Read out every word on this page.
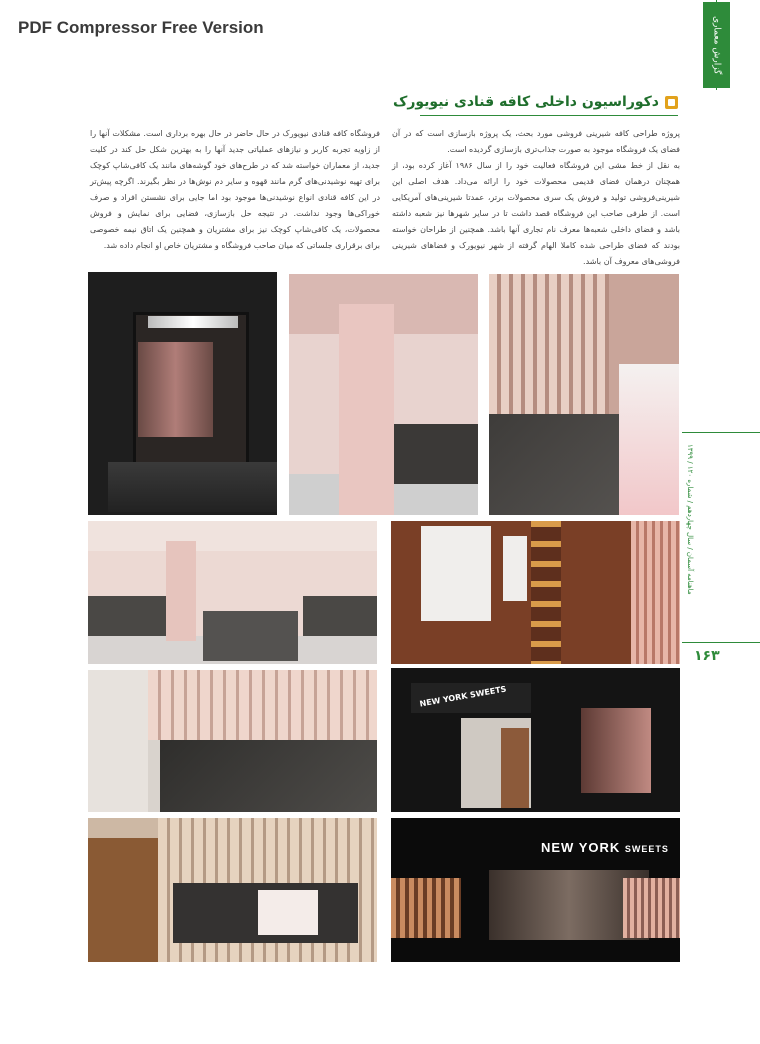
PDF Compressor Free Version	گزارش معماری
دکوراسیون داخلی کافه قنادی نیویورک

پروژه طراحی کافه شیرینی فروشی مورد بحث، یک پروژه بازسازی است که در آن فضای یک فروشگاه موجود به صورت جذاب‌تری بازسازی گردیده است.

به نقل از خط مشی این فروشگاه فعالیت خود را از سال ۱۹۸۶ آغاز کرده بود، از همچنان درهمان فضای قدیمی محصولات خود را ارائه می‌داد. هدف اصلی این شیرینی‌فروشی تولید و فروش یک سری محصولات برتر، عمدتا شیرینی‌های آمریکایی است. از طرفی صاحب این فروشگاه قصد داشت تا در سایر شهرها نیز شعبه داشته باشد و فضای داخلی شعبه‌ها معرف نام تجاری آنها باشد. همچنین از طراحان خواسته بودند که فضای طراحی شده کاملا الهام گرفته از شهر نیویورک و فضاهای شیرینی فروشی‌های معروف آن باشد.

فروشگاه کافه قنادی نیویورک در حال حاضر در حال بهره برداری است. مشکلات آنها را از زاویه تجربه کاربر و نیازهای عملیاتی جدید آنها را به بهترین شکل حل کند در کلیت جدید، از معماران خواسته شد که در طرح‌های خود گوشه‌های مانند یک کافی‌شاپ کوچک برای تهیه نوشیدنی‌های گرم مانند قهوه و سایر دم نوش‌ها در نظر بگیرند. اگرچه پیش‌تر در این کافه قنادی انواع نوشیدنی‌ها موجود بود اما جایی برای نشستن افراد و صرف خوراکی‌ها وجود نداشت. در نتیجه حل بازسازی، فضایی برای نمایش و فروش محصولات، یک کافی‌شاپ کوچک نیز برای مشتریان و همچنین یک اتاق نیمه خصوصی برای برقراری جلساتی که میان صاحب فروشگاه و مشتریان خاص او انجام داده شد.

ماهنامه آسمان / سال چهاردهم / شماره ۱۲۰ / ۱۳۹۹
۱۶۳
NEW YORK SWEETS
NEW YORK SWEETS
